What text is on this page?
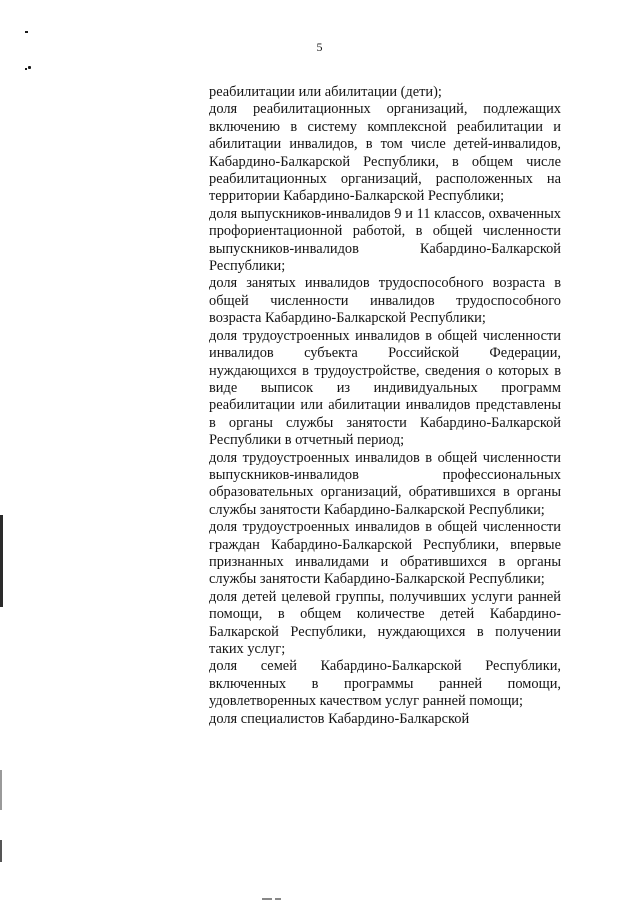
5

реабилитации или абилитации (дети);

доля реабилитационных организаций, подлежащих включению в систему комплексной реабилитации и абилитации инвалидов, в том числе детей-инвалидов, Кабардино-Балкарской Республики, в общем числе реабилитационных организаций, расположенных на территории Кабардино-Балкарской Республики;

доля выпускников-инвалидов 9 и 11 классов, охваченных профориентационной работой, в общей численности выпускников-инвалидов Кабардино-Балкарской Республики;

доля занятых инвалидов трудоспособного возраста в общей численности инвалидов трудоспособного возраста Кабардино-Балкарской Республики;

доля трудоустроенных инвалидов в общей численности инвалидов субъекта Российской Федерации, нуждающихся в трудоустройстве, сведения о которых в виде выписок из индивидуальных программ реабилитации или абилитации инвалидов представлены в органы службы занятости Кабардино-Балкарской Республики в отчетный период;

доля трудоустроенных инвалидов в общей численности выпускников-инвалидов профессиональных образовательных организаций, обратившихся в органы службы занятости Кабардино-Балкарской Республики;

доля трудоустроенных инвалидов в общей численности граждан Кабардино-Балкарской Республики, впервые признанных инвалидами и обратившихся в органы службы занятости Кабардино-Балкарской Республики;

доля детей целевой группы, получивших услуги ранней помощи, в общем количестве детей Кабардино-Балкарской Республики, нуждающихся в получении таких услуг;

доля семей Кабардино-Балкарской Республики, включенных в программы ранней помощи, удовлетворенных качеством услуг ранней помощи;

доля специалистов Кабардино-Балкарской
